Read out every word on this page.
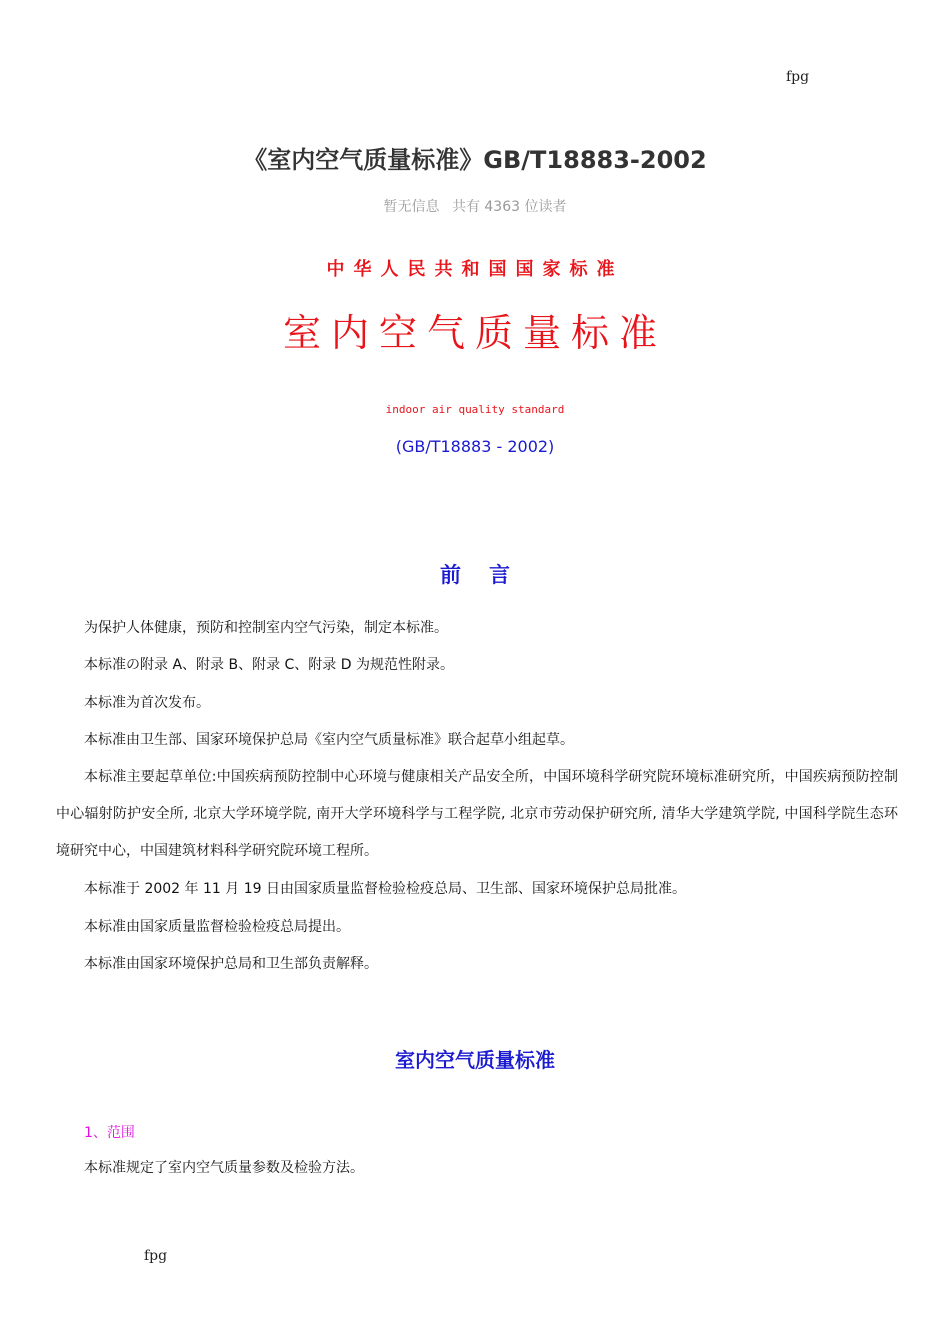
fpg
《室内空气质量标准》GB/T18883-2002
暂无信息 共有 4363 位读者
中华人民共和国国家标准
室内空气质量标准
indoor air quality standard
(GB/T18883 - 2002)
前言
为保护人体健康，预防和控制室内空气污染，制定本标准。
本标准の附录 A、附录 B、附录 C、附录 D 为规范性附录。
本标准为首次发布。
本标准由卫生部、国家环境保护总局《室内空气质量标准》联合起草小组起草。
本标准主要起草单位:中国疾病预防控制中心环境与健康相关产品安全所，中国环境科学研究院环境标准研究所，中国疾病预防控制中心辐射防护安全所, 北京大学环境学院, 南开大学环境科学与工程学院, 北京市劳动保护研究所, 清华大学建筑学院, 中国科学院生态环境研究中心，中国建筑材料科学研究院环境工程所。
本标准于 2002 年 11 月 19 日由国家质量监督检验检疫总局、卫生部、国家环境保护总局批准。
本标准由国家质量监督检验检疫总局提出。
本标准由国家环境保护总局和卫生部负责解释。
室内空气质量标准
1、范围
本标准规定了室内空气质量参数及检验方法。
fpg
